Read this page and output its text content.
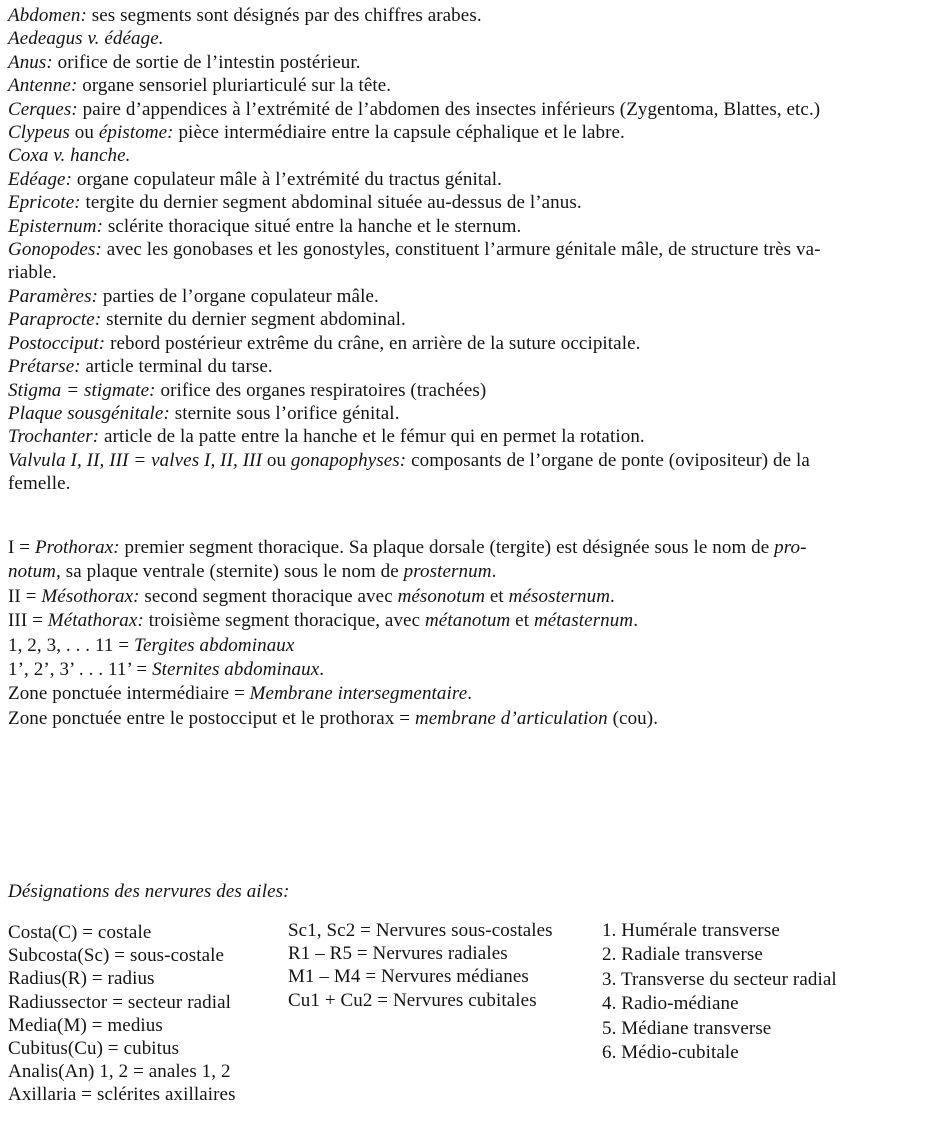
Abdomen: ses segments sont désignés par des chiffres arabes.
Aedeagus v. édéage.
Anus: orifice de sortie de l’intestin postérieur.
Antenne: organe sensoriel pluriarticulé sur la tête.
Cerques: paire d’appendices à l’extrémité de l’abdomen des insectes inférieurs (Zygentoma, Blattes, etc.)
Clypeus ou épistome: pièce intermédiaire entre la capsule céphalique et le labre.
Coxa v. hanche.
Edéage: organe copulateur mâle à l’extrémité du tractus génital.
Epricote: tergite du dernier segment abdominal située au-dessus de l’anus.
Episternum: sclérite thoracique situé entre la hanche et le sternum.
Gonopodes: avec les gonobases et les gonostyles, constituent l’armure génitale mâle, de structure très va-
riable.
Paramères: parties de l’organe copulateur mâle.
Paraprocte: sternite du dernier segment abdominal.
Postocciput: rebord postérieur extrême du crâne, en arrière de la suture occipitale.
Prétarse: article terminal du tarse.
Stigma = stigmate: orifice des organes respiratoires (trachées)
Plaque sousgénitale: sternite sous l’orifice génital.
Trochanter: article de la patte entre la hanche et le fémur qui en permet la rotation.
Valvula I, II, III = valves I, II, III ou gonapophyses: composants de l’organe de ponte (ovipositeur) de la
femelle.
I = Prothorax: premier segment thoracique. Sa plaque dorsale (tergite) est désignée sous le nom de pro-
notum, sa plaque ventrale (sternite) sous le nom de prosternum.
II = Mésothorax: second segment thoracique avec mésonotum et mésosternum.
III = Métathorax: troisième segment thoracique, avec métanotum et métasternum.
1, 2, 3, . . . 11 = Tergites abdominaux
1’, 2’, 3’ . . . 11’ = Sternites abdominaux.
Zone ponctuée intermédiaire = Membrane intersegmentaire.
Zone ponctuée entre le postocciput et le prothorax = membrane d’articulation (cou).
Désignations des nervures des ailes:
Costa(C) = costale
Subcosta(Sc) = sous-costale
Radius(R) = radius
Radiussector = secteur radial
Media(M) = medius
Cubitus(Cu) = cubitus
Analis(An) 1, 2 = anales 1, 2
Axillaria = sclérites axillaires
Sc1, Sc2 = Nervures sous-costales
R1 – R5 = Nervures radiales
M1 – M4 = Nervures médianes
Cu1 + Cu2 = Nervures cubitales
1. Humérale transverse
2. Radiale transverse
3. Transverse du secteur radial
4. Radio-médiane
5. Médiane transverse
6. Médio-cubitale
